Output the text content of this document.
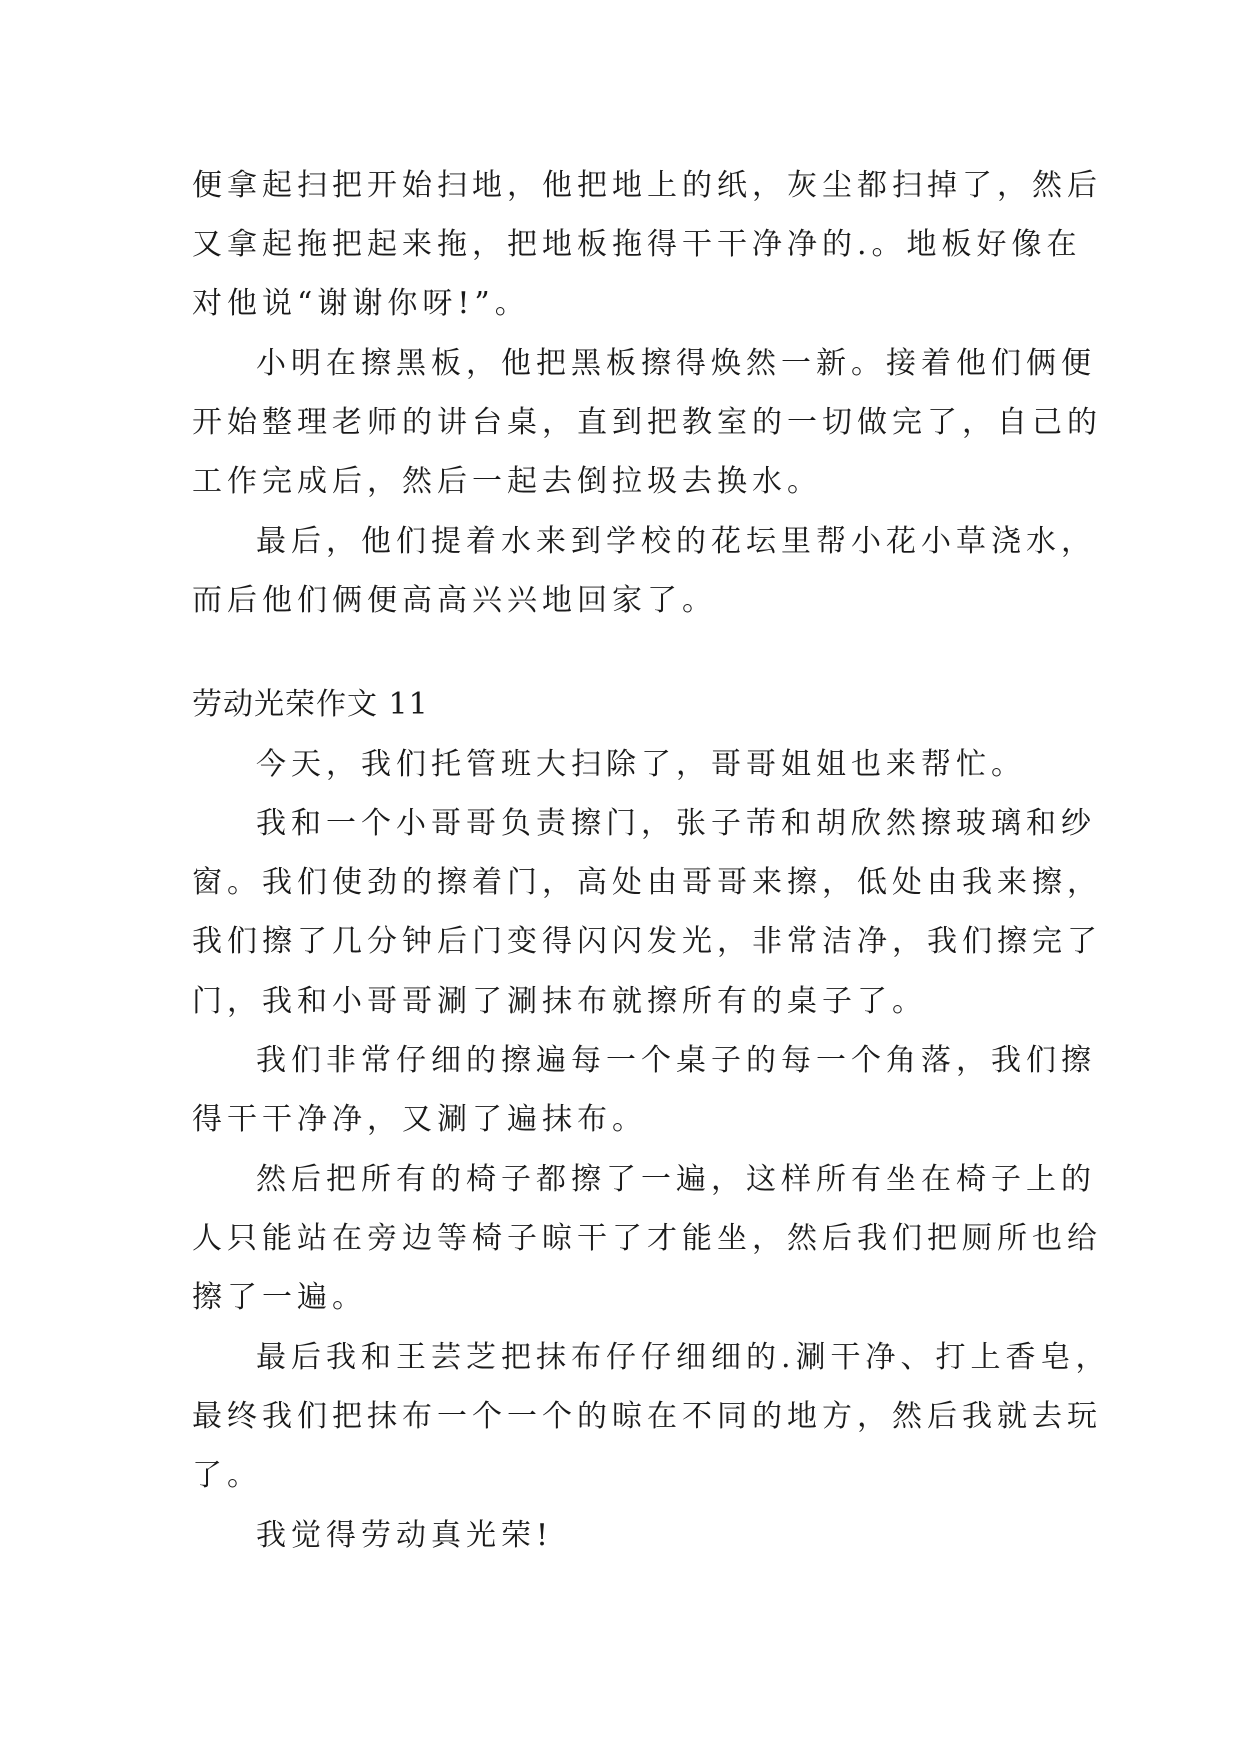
便拿起扫把开始扫地，他把地上的纸，灰尘都扫掉了，然后
又拿起拖把起来拖，把地板拖得干干净净的.。地板好像在
对他说“谢谢你呀!”。
小明在擦黑板，他把黑板擦得焕然一新。接着他们俩便
开始整理老师的讲台桌，直到把教室的一切做完了，自己的
工作完成后，然后一起去倒拉圾去换水。
最后，他们提着水来到学校的花坛里帮小花小草浇水，
而后他们俩便高高兴兴地回家了。
劳动光荣作文 11
今天，我们托管班大扫除了，哥哥姐姐也来帮忙。
我和一个小哥哥负责擦门，张子芾和胡欣然擦玻璃和纱
窗。我们使劲的擦着门，高处由哥哥来擦，低处由我来擦，
我们擦了几分钟后门变得闪闪发光，非常洁净，我们擦完了
门，我和小哥哥涮了涮抹布就擦所有的桌子了。
我们非常仔细的擦遍每一个桌子的每一个角落，我们擦
得干干净净，又涮了遍抹布。
然后把所有的椅子都擦了一遍，这样所有坐在椅子上的
人只能站在旁边等椅子晾干了才能坐，然后我们把厕所也给
擦了一遍。
最后我和王芸芝把抹布仔仔细细的.涮干净、打上香皂，
最终我们把抹布一个一个的晾在不同的地方，然后我就去玩
了。
我觉得劳动真光荣!
